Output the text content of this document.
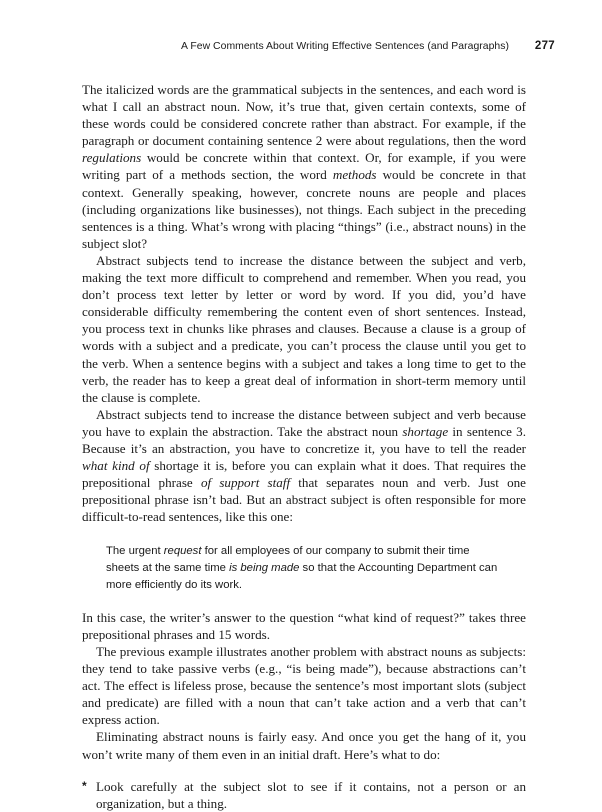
A Few Comments About Writing Effective Sentences (and Paragraphs) 277

The italicized words are the grammatical subjects in the sentences, and each word is what I call an abstract noun. Now, it’s true that, given certain contexts, some of these words could be considered concrete rather than abstract. For example, if the paragraph or document containing sentence 2 were about regulations, then the word regulations would be concrete within that context. Or, for example, if you were writing part of a methods section, the word methods would be concrete in that context. Generally speaking, however, concrete nouns are people and places (including organizations like businesses), not things. Each subject in the preceding sentences is a thing. What’s wrong with placing “things” (i.e., abstract nouns) in the subject slot?

Abstract subjects tend to increase the distance between the subject and verb, making the text more difficult to comprehend and remember. When you read, you don’t process text letter by letter or word by word. If you did, you’d have considerable difficulty remembering the content even of short sentences. Instead, you process text in chunks like phrases and clauses. Because a clause is a group of words with a subject and a predicate, you can’t process the clause until you get to the verb. When a sentence begins with a subject and takes a long time to get to the verb, the reader has to keep a great deal of information in short-term memory until the clause is complete.

Abstract subjects tend to increase the distance between subject and verb because you have to explain the abstraction. Take the abstract noun shortage in sentence 3. Because it’s an abstraction, you have to concretize it, you have to tell the reader what kind of shortage it is, before you can explain what it does. That requires the prepositional phrase of support staff that separates noun and verb. Just one prepositional phrase isn’t bad. But an abstract subject is often responsible for more difficult-to-read sentences, like this one:

The urgent request for all employees of our company to submit their time sheets at the same time is being made so that the Accounting Department can more efficiently do its work.

In this case, the writer’s answer to the question “what kind of request?” takes three prepositional phrases and 15 words.

The previous example illustrates another problem with abstract nouns as subjects: they tend to take passive verbs (e.g., “is being made”), because abstractions can’t act. The effect is lifeless prose, because the sentence’s most important slots (subject and predicate) are filled with a noun that can’t take action and a verb that can’t express action.

Eliminating abstract nouns is fairly easy. And once you get the hang of it, you won’t write many of them even in an initial draft. Here’s what to do:

* Look carefully at the subject slot to see if it contains, not a person or an organization, but a thing.
